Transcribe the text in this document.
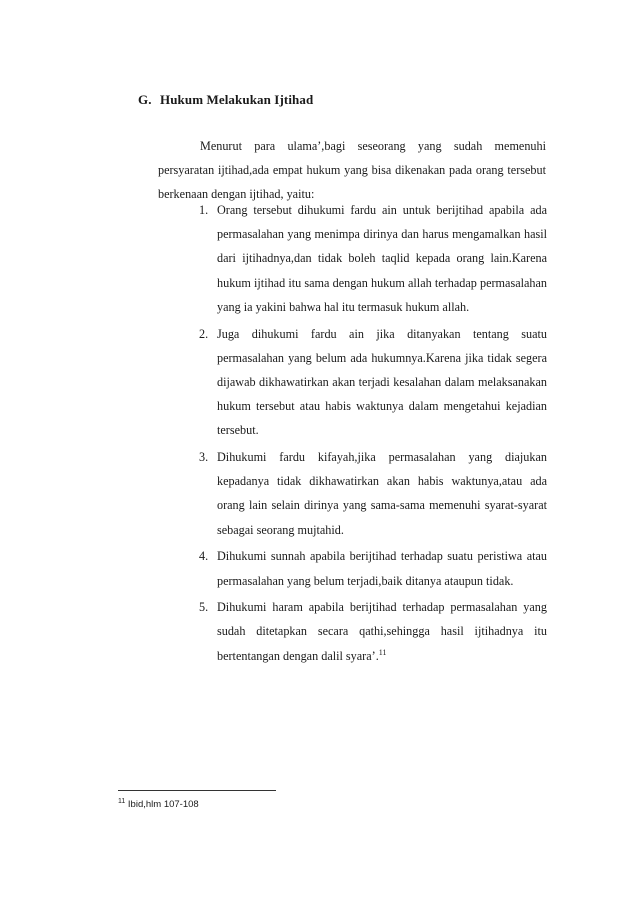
G. Hukum Melakukan Ijtihad

Menurut para ulama’,bagi seseorang yang sudah memenuhi persyaratan ijtihad,ada empat hukum yang bisa dikenakan pada orang tersebut berkenaan dengan ijtihad, yaitu:

1. Orang tersebut dihukumi fardu ain untuk berijtihad apabila ada permasalahan yang menimpa dirinya dan harus mengamalkan hasil dari ijtihadnya,dan tidak boleh taqlid kepada orang lain.Karena hukum ijtihad itu sama dengan hukum allah terhadap permasalahan yang ia yakini bahwa hal itu termasuk hukum allah.
2. Juga dihukumi fardu ain jika ditanyakan tentang suatu permasalahan yang belum ada hukumnya.Karena jika tidak segera dijawab dikhawatirkan akan terjadi kesalahan dalam melaksanakan hukum tersebut atau habis waktunya dalam mengetahui kejadian tersebut.
3. Dihukumi fardu kifayah,jika permasalahan yang diajukan kepadanya tidak dikhawatirkan akan habis waktunya,atau ada orang lain selain dirinya yang sama-sama memenuhi syarat-syarat sebagai seorang mujtahid.
4. Dihukumi sunnah apabila berijtihad terhadap suatu peristiwa atau permasalahan yang belum terjadi,baik ditanya ataupun tidak.
5. Dihukumi haram apabila berijtihad terhadap permasalahan yang sudah ditetapkan secara qathi,sehingga hasil ijtihadnya itu bertentangan dengan dalil syara’.$^{11}$
$^{11}$ Ibid,hlm 107-108
